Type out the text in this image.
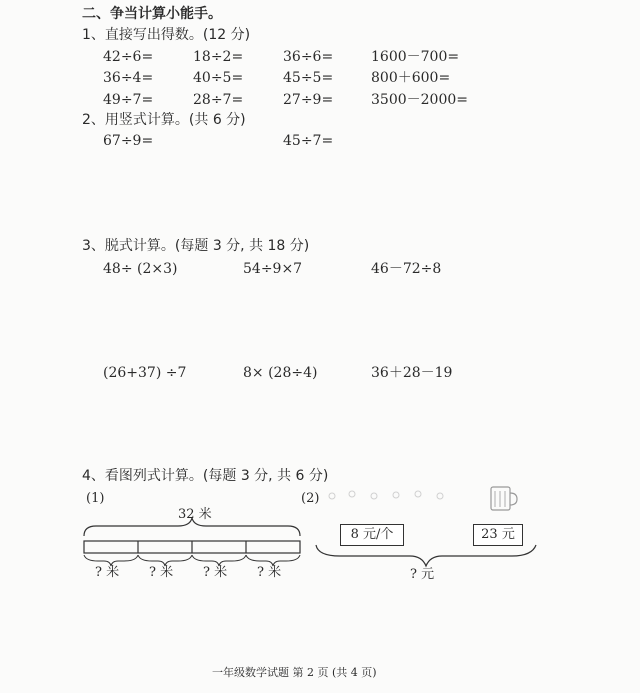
二、争当计算小能手。
1、直接写出得数。(12 分)
42÷6=	18÷2=	36÷6=	1600－700=
36÷4=	40÷5=	45÷5=	800＋600=
49÷7=	28÷7=	27÷9=	3500－2000=
2、用竖式计算。(共 6 分)
67÷9=	45÷7=
3、脱式计算。(每题 3 分, 共 18 分)
48÷ (2×3)	54÷9×7	46－72÷8
(26+37) ÷7	8× (28÷4)	36＋28－19
4、看图列式计算。(每题 3 分, 共 6 分)
(1)	(2)
32 米
? 米 ? 米 ? 米 ? 米
8 元/个	23 元
? 元
一年级数学试题 第 2 页 (共 4 页)
